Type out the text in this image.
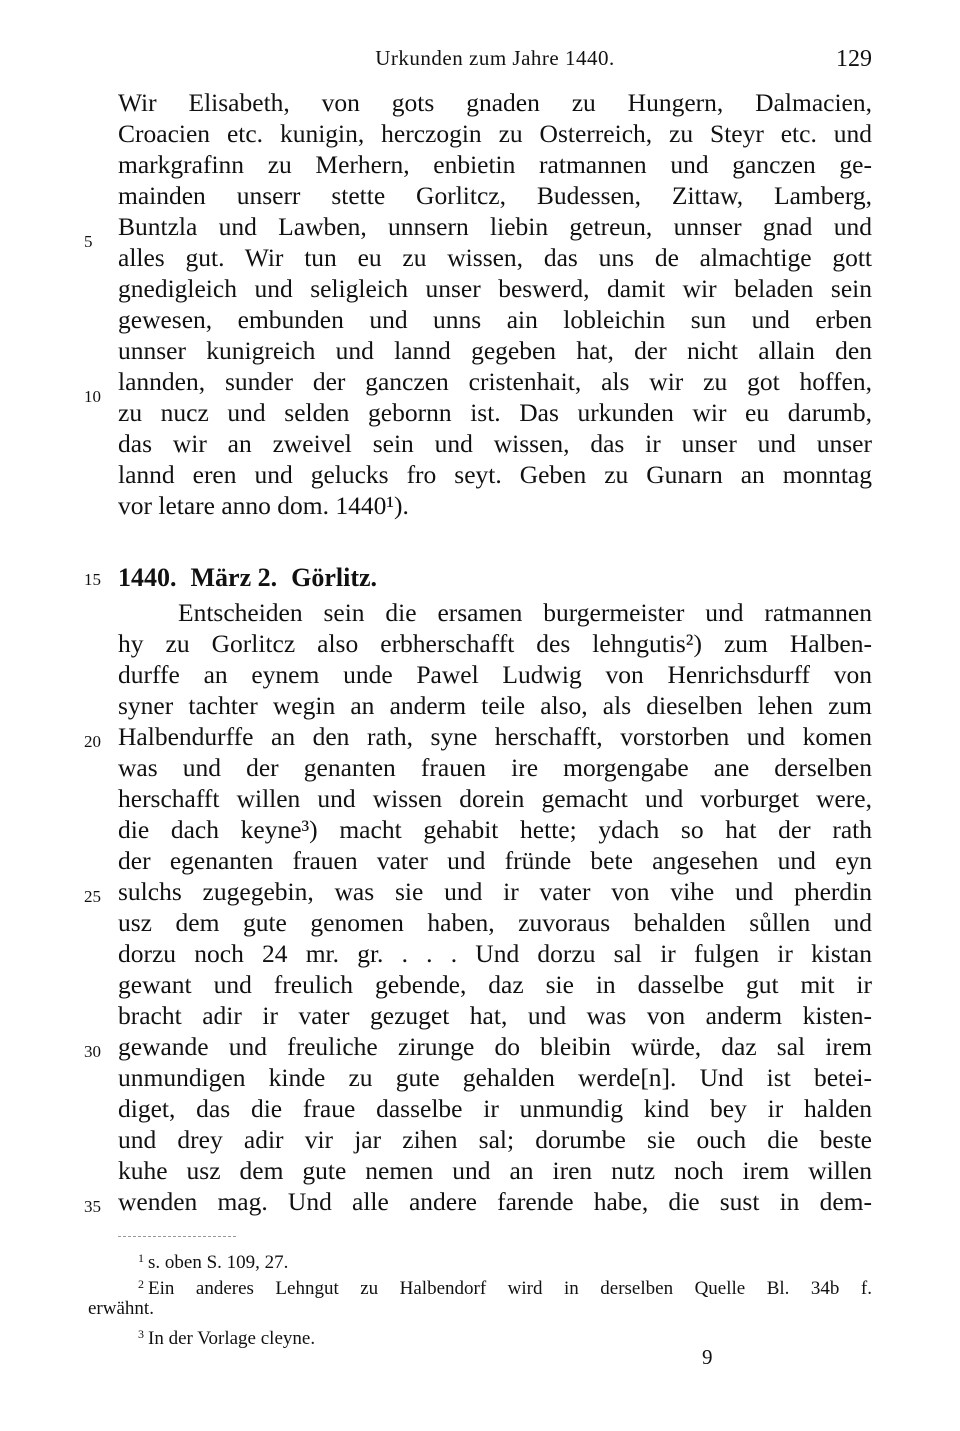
Urkunden zum Jahre 1440.	129
Wir Elisabeth, von gots gnaden zu Hungern, Dalmacien,
Croacien etc. kunigin, herczogin zu Osterreich, zu Steyr etc. und
markgrafinn zu Merhern, enbietin ratmannen und ganczen ge-
mainden unserr stette Gorlitcz, Budessen, Zittaw, Lamberg,
Buntzla und Lawben, unnsern liebin getreun, unnser gnad und
alles gut. Wir tun eu zu wissen, das uns de almachtige gott
gnedigleich und seligleich unser beswerd, damit wir beladen sein
gewesen, embunden und unns ain lobleichin sun und erben
unnser kunigreich und lannd gegeben hat, der nicht allain den
lannden, sunder der ganczen cristenhait, als wir zu got hoffen,
zu nucz und selden gebornn ist. Das urkunden wir eu darumb,
das wir an zweivel sein und wissen, das ir unser und unser
lannd eren und gelucks fro seyt. Geben zu Gunarn an monntag
vor letare anno dom. 1440¹).
1440. März 2. Görlitz.
Entscheiden sein die ersamen burgermeister und ratmannen
hy zu Gorlitcz also erbherschafft des lehngutis²) zum Halben-
durffe an eynem unde Pawel Ludwig von Henrichsdurff von
syner tachter wegin an anderm teile also, als dieselben lehen zum
Halbendurffe an den rath, syne herschafft, vorstorben und komen
was und der genanten frauen ire morgengabe ane derselben
herschafft willen und wissen dorein gemacht und vorburget were,
die dach keyne³) macht gehabit hette; ydach so hat der rath
der egenanten frauen vater und fründe bete angesehen und eyn
sulchs zugegebin, was sie und ir vater von vihe und pherdin
usz dem gute genomen haben, zuvoraus behalden sůllen und
dorzu noch 24 mr. gr. . . . Und dorzu sal ir fulgen ir kistan
gewant und freulich gebende, daz sie in dasselbe gut mit ir
bracht adir ir vater gezuget hat, und was von anderm kisten-
gewande und freuliche zirunge do bleibin würde, daz sal irem
unmundigen kinde zu gute gehalden werde[n]. Und ist betei-
diget, das die fraue dasselbe ir unmundig kind bey ir halden
und drey adir vir jar zihen sal; dorumbe sie ouch die beste
kuhe usz dem gute nemen und an iren nutz noch irem willen
wenden mag. Und alle andere farende habe, die sust in dem-
5
10
15
20
25
30
35
$^1$ s. oben S. 109, 27.
$^2$ Ein anderes Lehngut zu Halbendorf wird in derselben Quelle Bl. 34b f.
erwähnt.
$^3$ In der Vorlage cleyne.
9
